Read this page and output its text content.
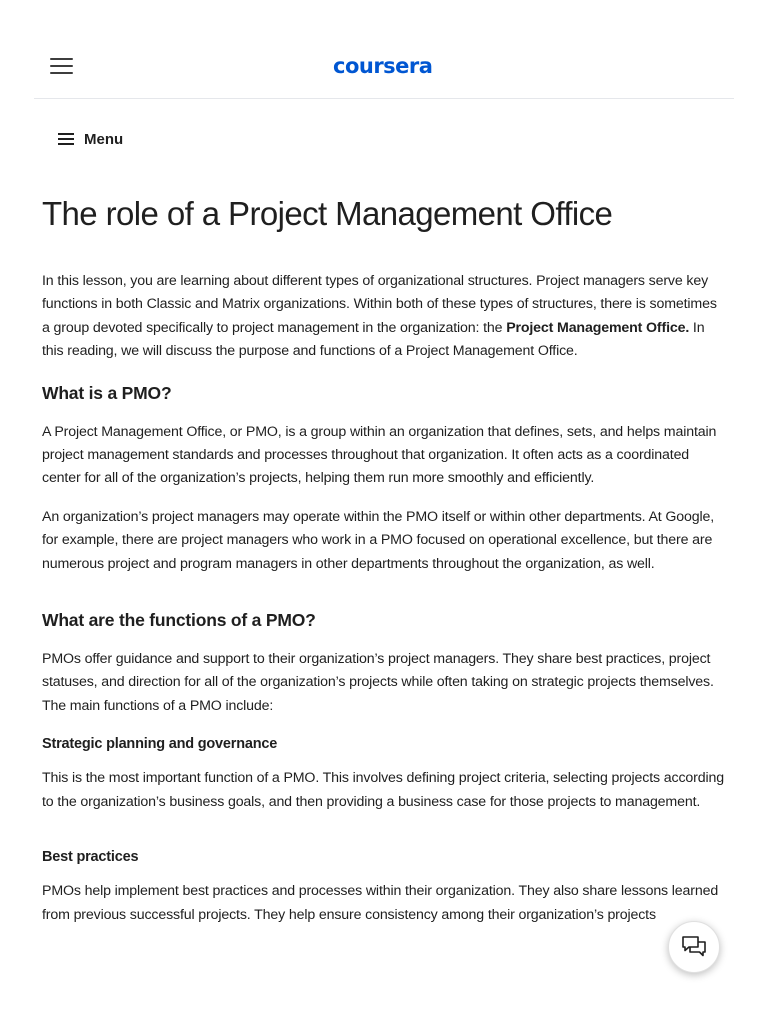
coursera
Menu
The role of a Project Management Office

In this lesson, you are learning about different types of organizational structures. Project managers serve key functions in both Classic and Matrix organizations. Within both of these types of structures, there is sometimes a group devoted specifically to project management in the organization: the Project Management Office. In this reading, we will discuss the purpose and functions of a Project Management Office.

What is a PMO?

A Project Management Office, or PMO, is a group within an organization that defines, sets, and helps maintain project management standards and processes throughout that organization. It often acts as a coordinated center for all of the organization’s projects, helping them run more smoothly and efficiently.

An organization’s project managers may operate within the PMO itself or within other departments. At Google, for example, there are project managers who work in a PMO focused on operational excellence, but there are numerous project and program managers in other departments throughout the organization, as well.

What are the functions of a PMO?

PMOs offer guidance and support to their organization’s project managers. They share best practices, project statuses, and direction for all of the organization’s projects while often taking on strategic projects themselves. The main functions of a PMO include:

Strategic planning and governance

This is the most important function of a PMO. This involves defining project criteria, selecting projects according to the organization’s business goals, and then providing a business case for those projects to management.

Best practices

PMOs help implement best practices and processes within their organization. They also share lessons learned from previous successful projects. They help ensure consistency among their organization’s projects
